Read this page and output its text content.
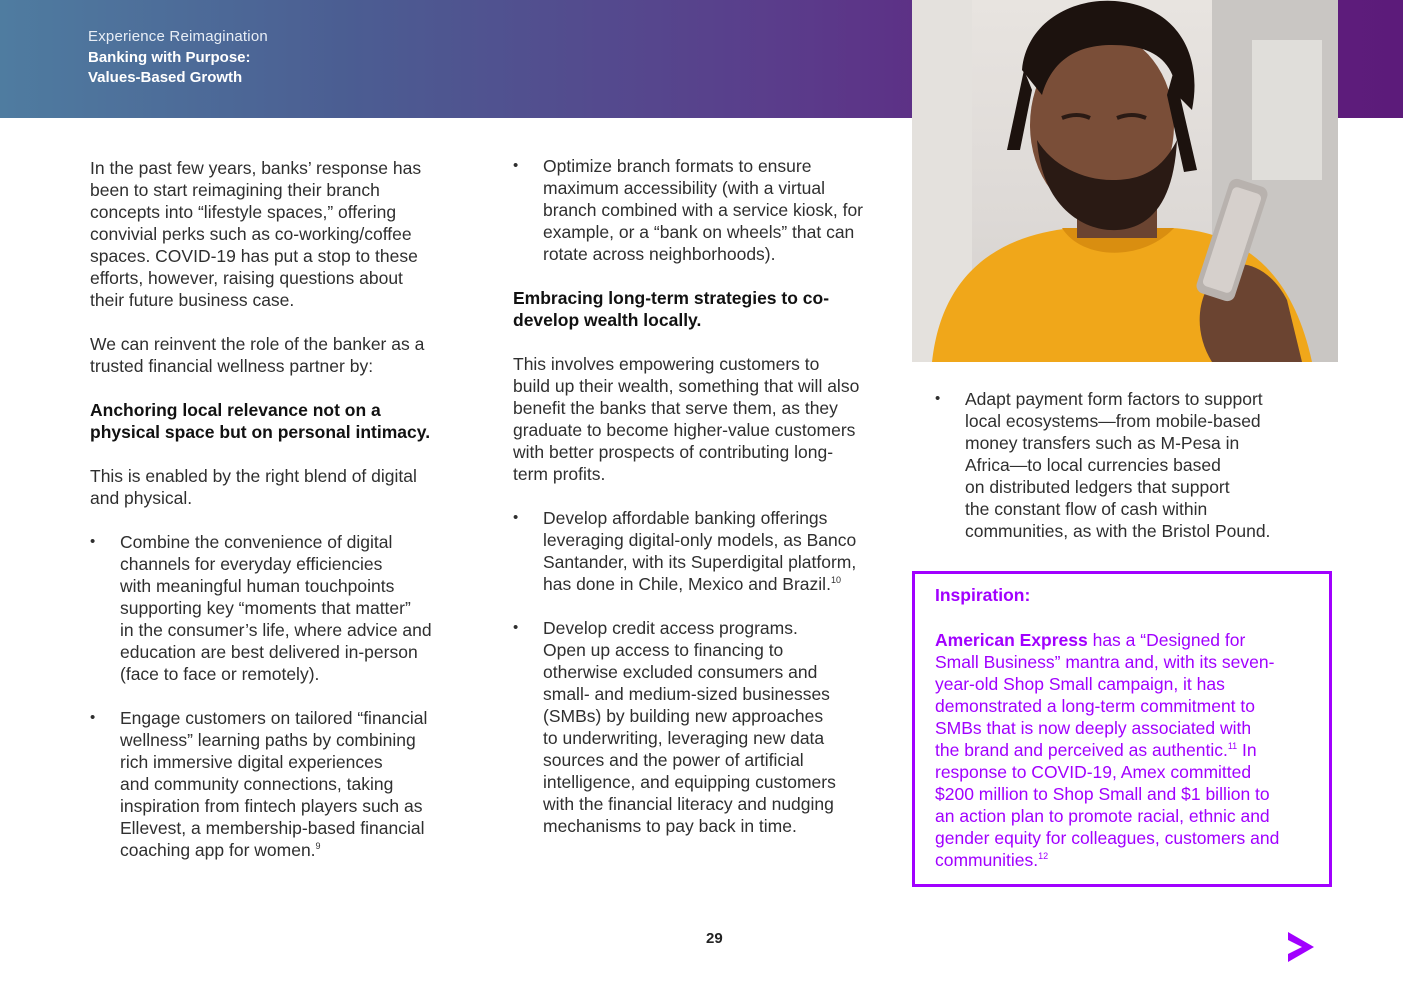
Experience Reimagination
Banking with Purpose:
Values-Based Growth

In the past few years, banks’ response has
been to start reimagining their branch
concepts into “lifestyle spaces,” offering
convivial perks such as co-working/coffee
spaces. COVID-19 has put a stop to these
efforts, however, raising questions about
their future business case.

We can reinvent the role of the banker as a
trusted financial wellness partner by:

Anchoring local relevance not on a
physical space but on personal intimacy.

This is enabled by the right blend of digital
and physical.

• Combine the convenience of digital
channels for everyday efficiencies
with meaningful human touchpoints
supporting key “moments that matter”
in the consumer’s life, where advice and
education are best delivered in-person
(face to face or remotely).

• Engage customers on tailored “financial
wellness” learning paths by combining
rich immersive digital experiences
and community connections, taking
inspiration from fintech players such as
Ellevest, a membership-based financial
coaching app for women.$^9$

• Optimize branch formats to ensure
maximum accessibility (with a virtual
branch combined with a service kiosk, for
example, or a “bank on wheels” that can
rotate across neighborhoods).

Embracing long-term strategies to co-
develop wealth locally.

This involves empowering customers to
build up their wealth, something that will also
benefit the banks that serve them, as they
graduate to become higher-value customers
with better prospects of contributing long-
term profits.

• Develop affordable banking offerings
leveraging digital-only models, as Banco
Santander, with its Superdigital platform,
has done in Chile, Mexico and Brazil.$^{10}$

• Develop credit access programs.
Open up access to financing to
otherwise excluded consumers and
small- and medium-sized businesses
(SMBs) by building new approaches
to underwriting, leveraging new data
sources and the power of artificial
intelligence, and equipping customers
with the financial literacy and nudging
mechanisms to pay back in time.

• Adapt payment form factors to support
local ecosystems—from mobile-based
money transfers such as M-Pesa in
Africa—to local currencies based
on distributed ledgers that support
the constant flow of cash within
communities, as with the Bristol Pound.

Inspiration:
American Express has a “Designed for
Small Business” mantra and, with its seven-
year-old Shop Small campaign, it has
demonstrated a long-term commitment to
SMBs that is now deeply associated with
the brand and perceived as authentic.$^{11}$ In
response to COVID-19, Amex committed
$200 million to Shop Small and $1 billion to
an action plan to promote racial, ethnic and
gender equity for colleagues, customers and
communities.$^{12}$
29
